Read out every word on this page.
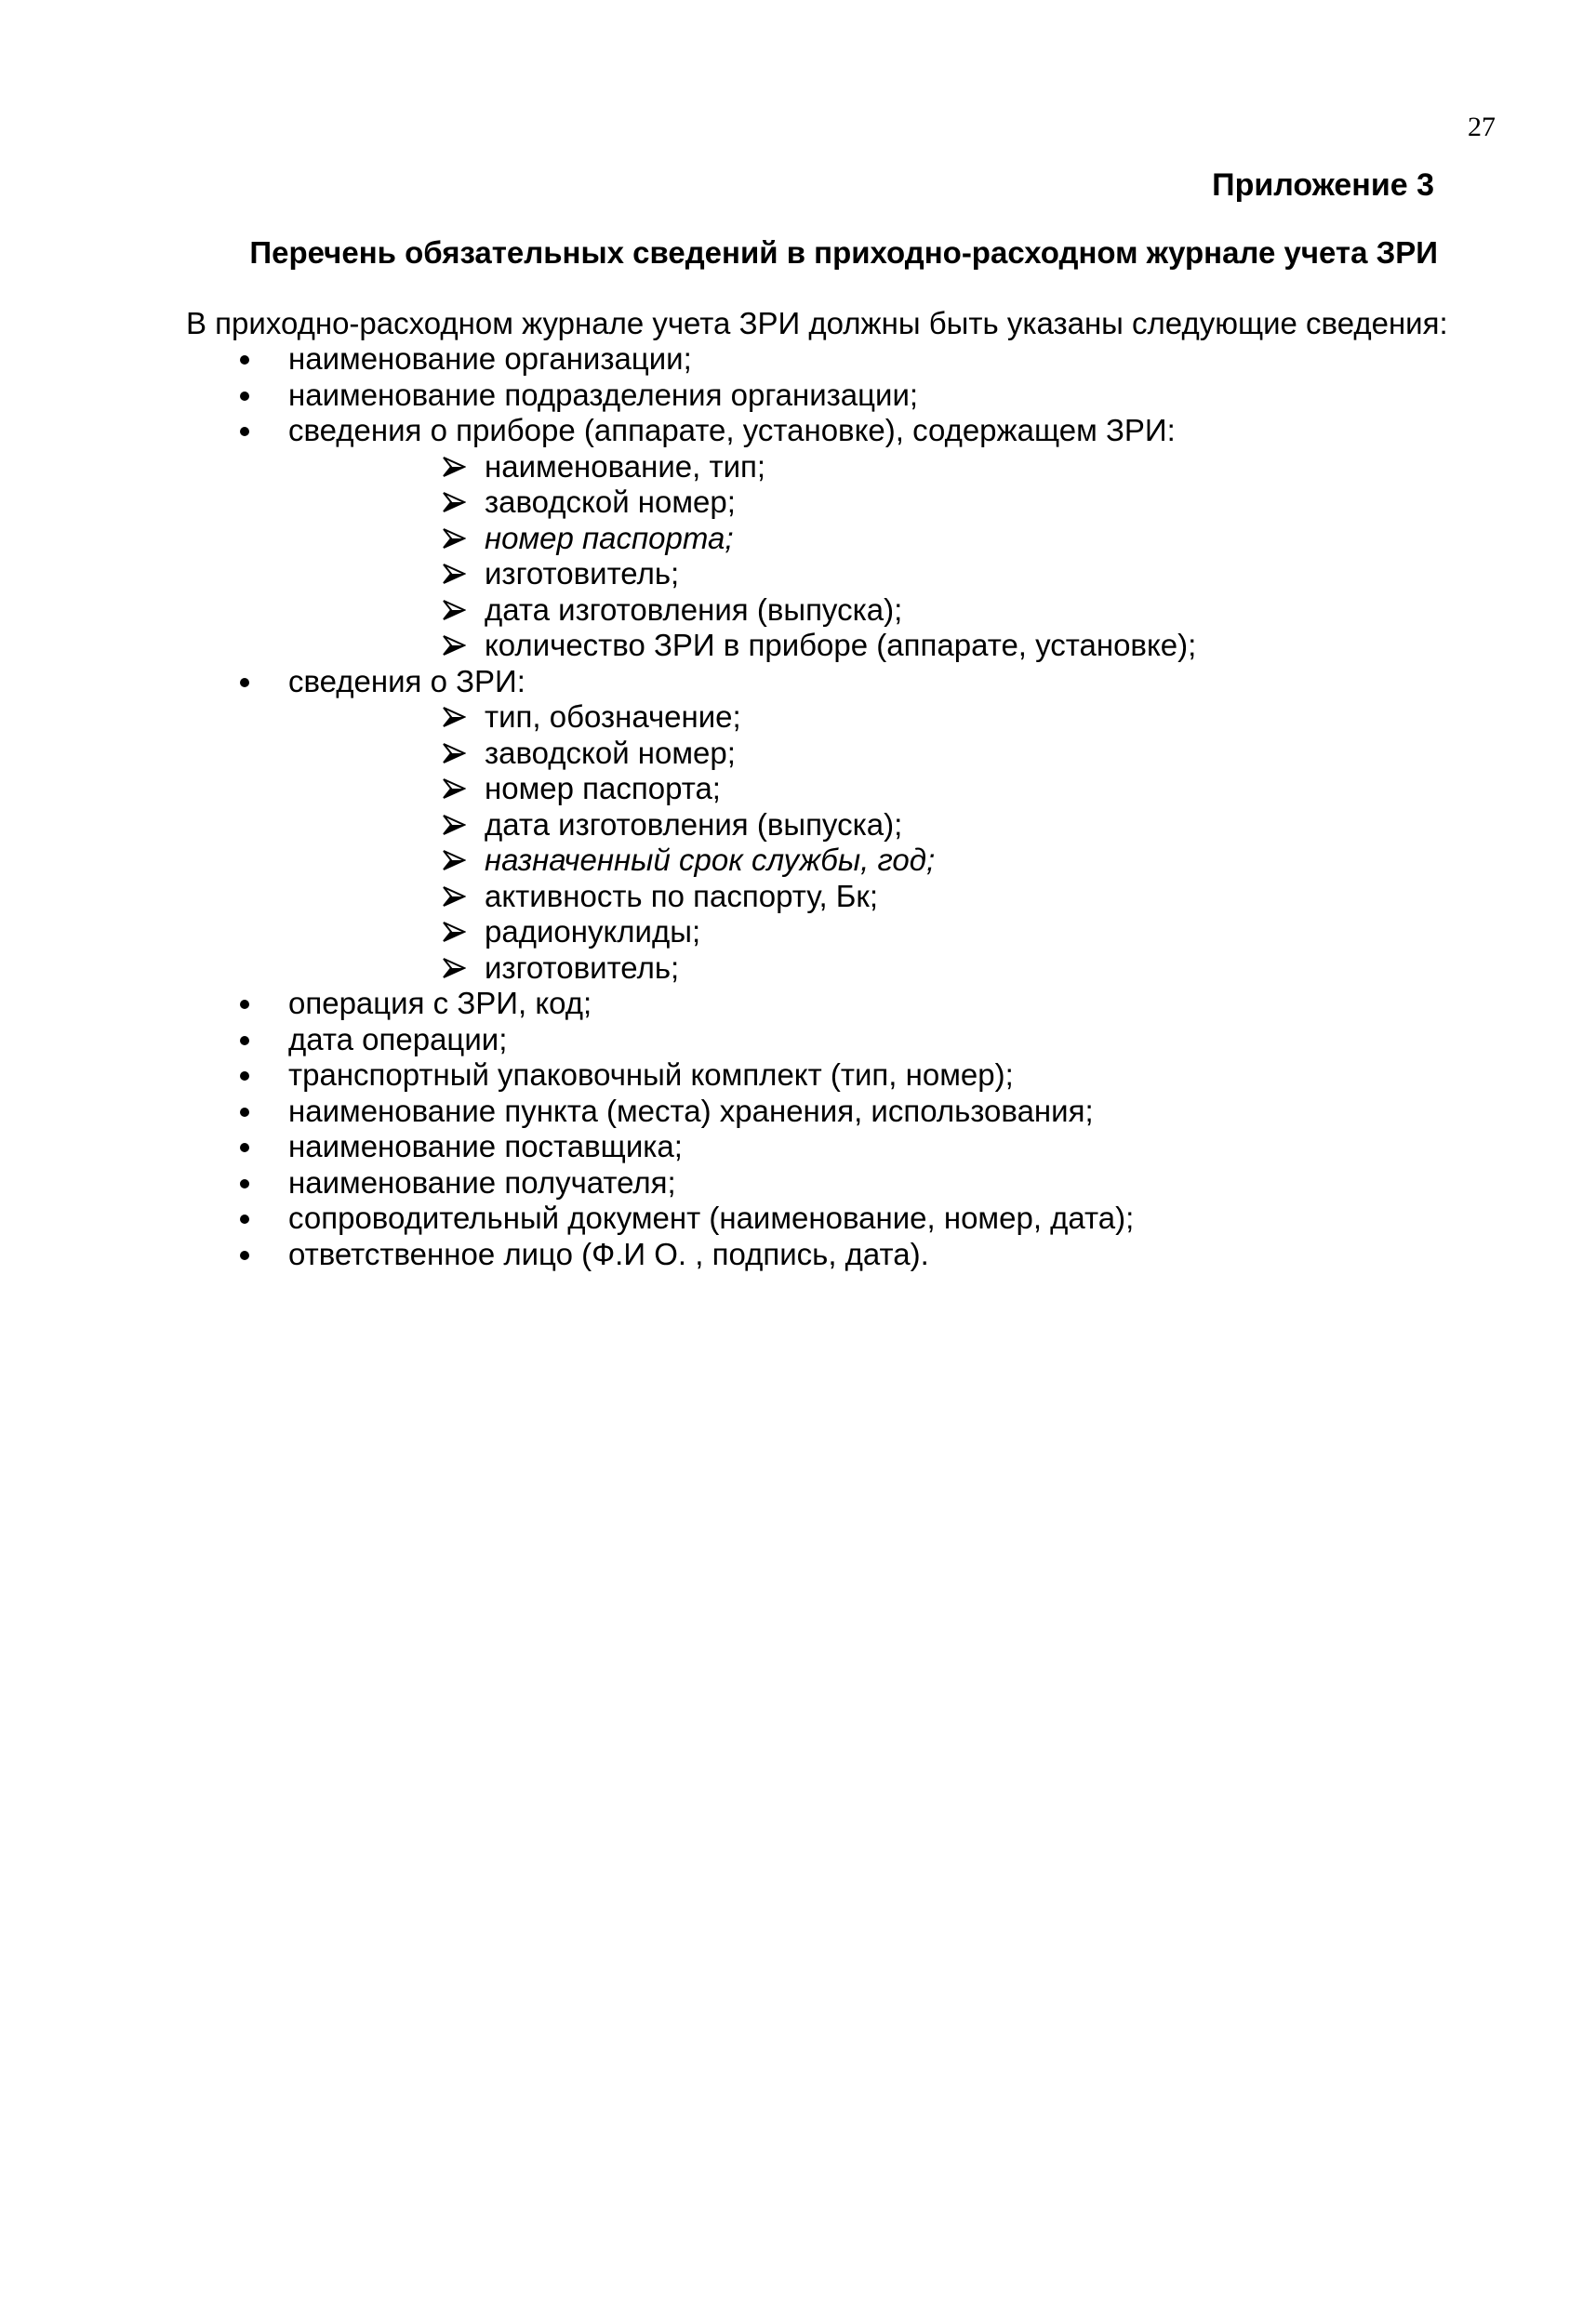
27
Приложение 3
Перечень обязательных сведений в приходно-расходном журнале учета ЗРИ
В приходно-расходном журнале учета ЗРИ должны быть указаны следующие сведения:
наименование организации;
наименование подразделения организации;
сведения о приборе (аппарате, установке), содержащем ЗРИ:
наименование, тип;
заводской номер;
номер паспорта;
изготовитель;
дата изготовления (выпуска);
количество ЗРИ в приборе (аппарате, установке);
сведения о ЗРИ:
тип, обозначение;
заводской номер;
номер паспорта;
дата изготовления (выпуска);
назначенный срок службы, год;
активность по паспорту, Бк;
радионуклиды;
изготовитель;
операция с ЗРИ, код;
дата операции;
транспортный упаковочный комплект (тип, номер);
наименование пункта (места) хранения, использования;
наименование поставщика;
наименование получателя;
сопроводительный документ (наименование, номер, дата);
ответственное лицо (Ф.И О. , подпись, дата).
